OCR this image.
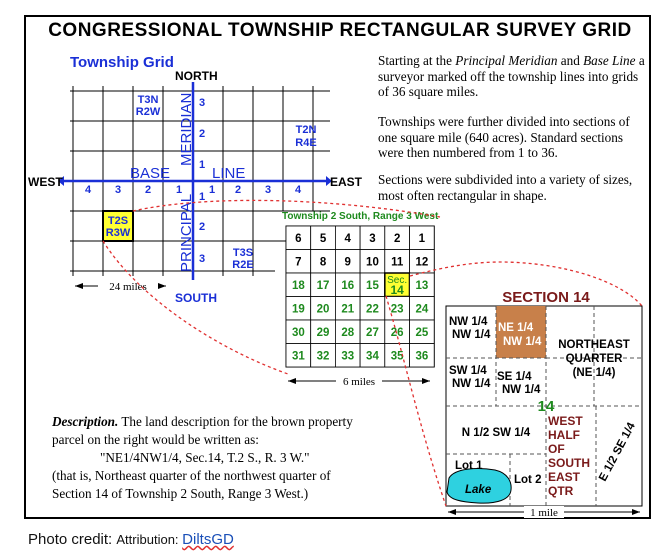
CONGRESSIONAL TOWNSHIP RECTANGULAR SURVEY GRID
Township Grid
NORTH
SOUTH
WEST	EAST
BASE	LINE
MERIDIAN
PRINCIPAL
4 3 2 1 1 2 3 4
3
2
1
1
2
3
T3N
R2W
T2N
R4E
T3S
R2E
T2S
R3W
24 miles
Township 2 South, Range 3 West
6 5 4 3 2 1
7 8 9 10 11 12
18 17 16 15 Sec.
14 13
19 20 21 22 23 24
30 29 28 27 26 25
31 32 33 34 35 36
6 miles
SECTION 14
NW 1/4
NW 1/4
NE 1/4
NW 1/4
SW 1/4
NW 1/4
SE 1/4
NW 1/4
NORTHEAST
QUARTER
(NE 1/4)
N 1/2 SW 1/4
Lot 1
Lot 2
Lake
E 1/2 SE 1/4
14
WEST
HALF
OF
SOUTH
EAST
QTR
1 mile
Starting at the Principal Meridian and Base Line a surveyor marked off the township lines into grids of 36 square miles.
Townships were further divided into sections of one square mile (640 acres). Standard sections were then numbered from 1 to 36.
Sections were subdivided into a variety of sizes, most often rectangular in shape.
Description. The land description for the brown property parcel on the right would be written as:
"NE1/4NW1/4, Sec.14, T.2 S., R. 3 W."
(that is, Northeast quarter of the northwest quarter of Section 14 of Township 2 South, Range 3 West.)
Photo credit: Attribution: DiltsGD
